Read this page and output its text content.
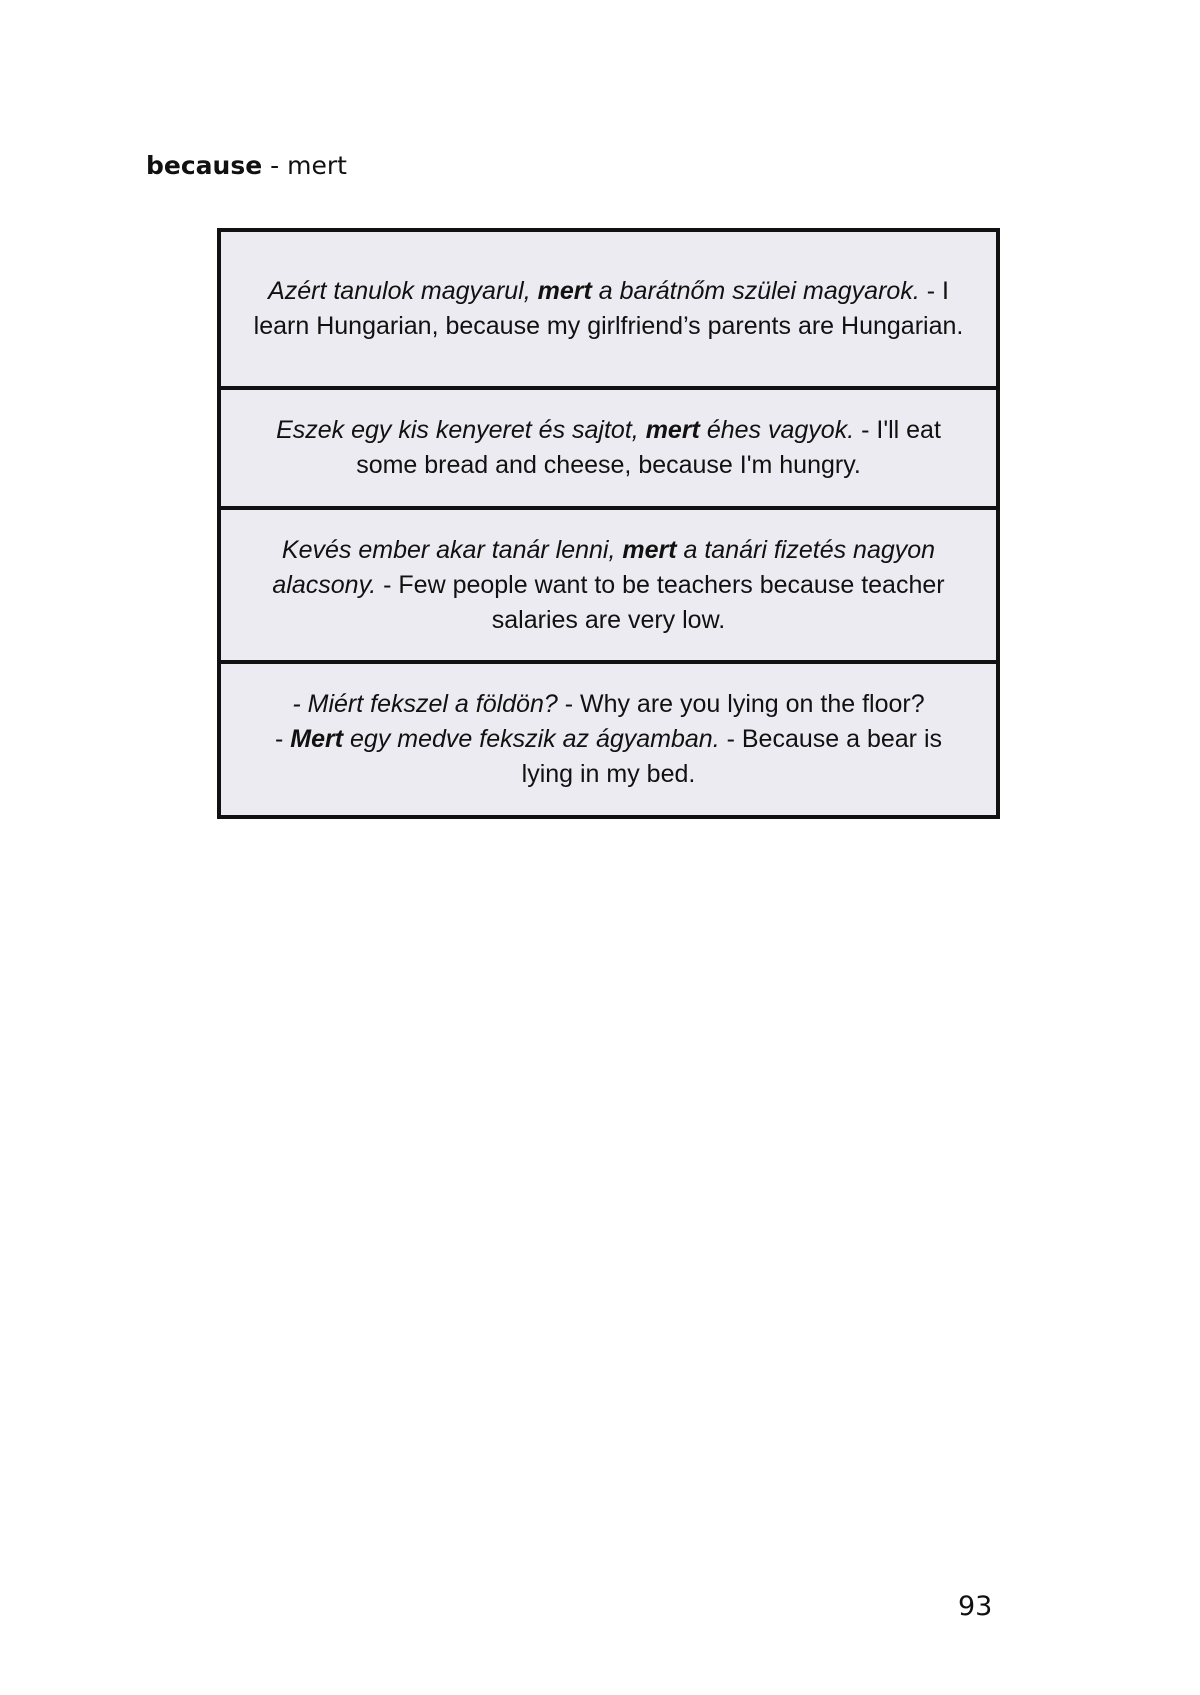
because - mert
Azért tanulok magyarul, mert a barátnőm szülei magyarok. - I learn Hungarian, because my girlfriend’s parents are Hungarian.
Eszek egy kis kenyeret és sajtot, mert éhes vagyok. - I'll eat some bread and cheese, because I'm hungry.
Kevés ember akar tanár lenni, mert a tanári fizetés nagyon alacsony. - Few people want to be teachers because teacher salaries are very low.
- Miért fekszel a földön? - Why are you lying on the floor?
- Mert egy medve fekszik az ágyamban. - Because a bear is lying in my bed.
93
